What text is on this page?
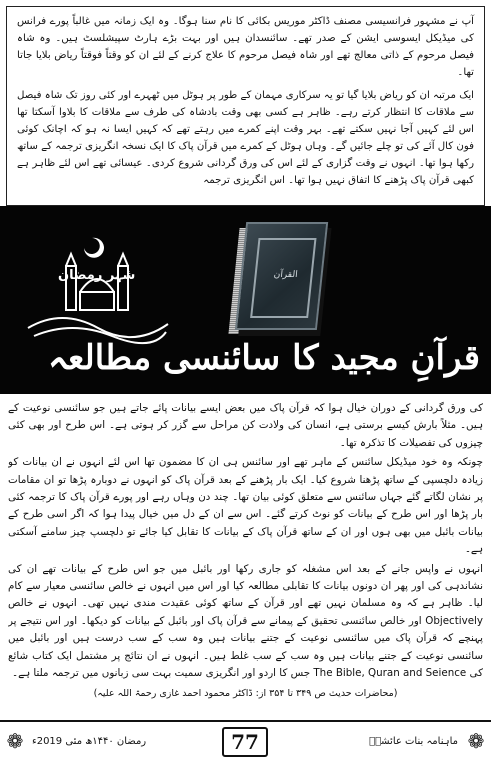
آپ نے مشہور فرانسیسی مصنف ڈاکٹر موریس بکائی کا نام سنا ہوگا۔ وہ ایک زمانہ میں غالباً پورے فرانس کی میڈیکل ایسوسی ایشن کے صدر تھے۔ سائنسدان ہیں اور بہت بڑے ہارٹ سپیشلسٹ ہیں۔ وہ شاہ فیصل مرحوم کے ذاتی معالج تھے اور شاہ فیصل مرحوم کا علاج کرنے کے لئے ان کو وقتاً فوقتاً ریاض بلایا جاتا تھا۔

ایک مرتبہ ان کو ریاض بلایا گیا تو یہ سرکاری مہمان کے طور پر ہوٹل میں ٹھہرے اور کئی روز تک شاہ فیصل سے ملاقات کا انتظار کرتے رہے۔ ظاہر ہے کسی بھی وقت بادشاہ کی طرف سے ملاقات کا بلاوا آسکتا تھا اس لئے کہیں آجا نہیں سکتے تھے۔ بہر وقت اپنے کمرے میں رہتے تھے کہ کہیں ایسا نہ ہو کہ اچانک کوئی فون کال آئے کی تو چلے جائیں گے۔ وہاں ہوٹل کے کمرے میں قرآن پاک کا ایک نسخہ انگریزی ترجمہ کے ساتھ رکھا ہوا تھا۔ انہوں نے وقت گزاری کے لئے اس کی ورق گردانی شروع کردی۔ عیسائی تھے اس لئے ظاہر ہے کبھی قرآن پاک پڑھنے کا اتفاق نہیں ہوا تھا۔ اس انگریزی ترجمہ

شہر رمضان	القرآن
قرآنِ مجید کا سائنسی مطالعہ

کی ورق گردانی کے دوران خیال ہوا کہ قرآن پاک میں بعض ایسے بیانات پائے جاتے ہیں جو سائنسی نوعیت کے ہیں۔ مثلاً بارش کیسے برستی ہے، انسان کی ولادت کن مراحل سے گزر کر ہوتی ہے۔ اس طرح اور بھی کئی چیزوں کی تفصیلات کا تذکرہ تھا۔

چونکہ وہ خود میڈیکل سائنس کے ماہر تھے اور سائنس ہی ان کا مضمون تھا اس لئے انہوں نے ان بیانات کو زیادہ دلچسپی کے ساتھ پڑھنا شروع کیا۔ ایک بار پڑھنے کے بعد قرآن پاک کو انہوں نے دوبارہ پڑھا تو ان مقامات پر نشان لگاتے گئے جہاں سائنس سے متعلق کوئی بیان تھا۔ چند دن وہاں رہے اور پورے قرآن پاک کا ترجمہ کئی بار پڑھا اور اس طرح کے بیانات کو نوٹ کرتے گئے۔ اس سے ان کے دل میں خیال پیدا ہوا کہ اگر اسی طرح کے بیانات بائبل میں بھی ہوں اور ان کے ساتھ قرآن پاک کے بیانات کا تقابل کیا جائے تو دلچسپ چیز سامنے آسکتی ہے۔

انہوں نے واپس جانے کے بعد اس مشغلہ کو جاری رکھا اور بائبل میں جو اس طرح کے بیانات تھے ان کی نشاندہی کی اور پھر ان دونوں بیانات کا تقابلی مطالعہ کیا اور اس میں انہوں نے خالص سائنسی معیار سے کام لیا۔ ظاہر ہے کہ وہ مسلمان نہیں تھے اور قرآن کے ساتھ کوئی عقیدت مندی نہیں تھی۔ انہوں نے خالص Objectively اور خالص سائنسی تحقیق کے پیمانے سے قرآن پاک اور بائبل کے بیانات کو دیکھا۔ اور اس نتیجے پر پہنچے کہ قرآن پاک میں سائنسی نوعیت کے جتنے بیانات ہیں وہ سب کے سب درست ہیں اور بائبل میں سائنسی نوعیت کے جتنے بیانات ہیں وہ سب کے سب غلط ہیں۔ انہوں نے ان نتائج پر مشتمل ایک کتاب شائع کی The Bible, Quran and Seience جس کا اردو اور انگریزی سمیت بہت سی زبانوں میں ترجمہ ملتا ہے۔

(محاضرات حدیث ص ۳۴۹ تا ۳۵۴ از: ڈاکٹر محمود احمد غازی رحمۃ اللہ علیہ)

❁ رمضان ۱۴۴۰ھ مئی 2019ء	77	ماہنامہ بنات عائشہؓ ❁
